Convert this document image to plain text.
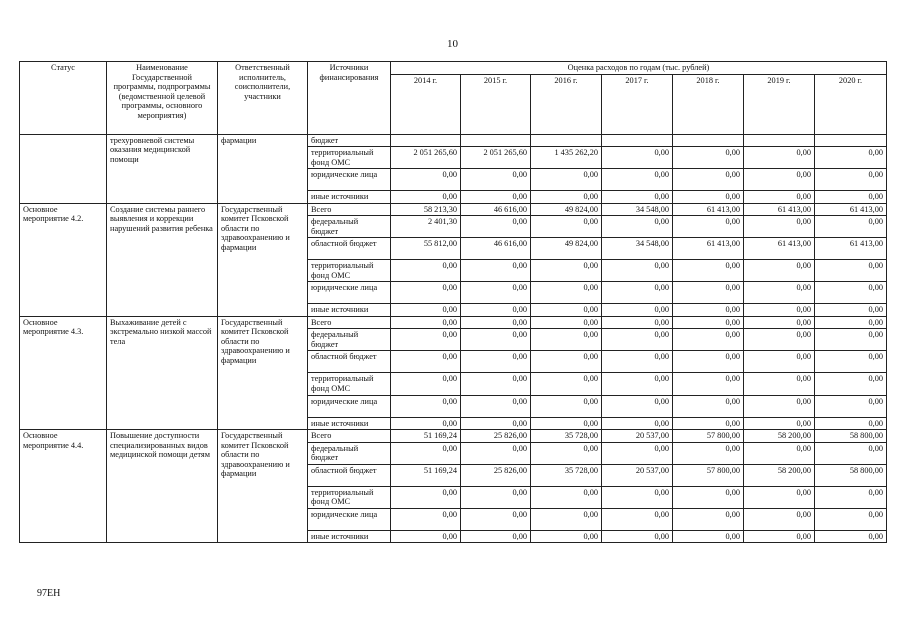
10
Статус	Наименование Государственной программы, подпрограммы (ведомственной целевой программы, основного мероприятия)	Ответственный исполнитель, соисполнители, участники	Источники финансирования	Оценка расходов по годам (тыс. рублей)						
				2014 г.	2015 г.	2016 г.	2017 г.	2018 г.	2019 г.	2020 г.
	трехуровневой системы оказания медицинской помощи	фармации	бюджет							
			территориальный фонд ОМС	2 051 265,60	2 051 265,60	1 435 262,20	0,00	0,00	0,00	0,00
			юридические лица	0,00	0,00	0,00	0,00	0,00	0,00	0,00
			иные источники	0,00	0,00	0,00	0,00	0,00	0,00	0,00
Основное мероприятие 4.2.	Создание системы раннего выявления и коррекции нарушений развития ребенка	Государственный комитет Псковской области по здравоохранению и фармации	Всего	58 213,30	46 616,00	49 824,00	34 548,00	61 413,00	61 413,00	61 413,00
			федеральный бюджет	2 401,30	0,00	0,00	0,00	0,00	0,00	0,00
			областной бюджет	55 812,00	46 616,00	49 824,00	34 548,00	61 413,00	61 413,00	61 413,00
			территориальный фонд ОМС	0,00	0,00	0,00	0,00	0,00	0,00	0,00
			юридические лица	0,00	0,00	0,00	0,00	0,00	0,00	0,00
			иные источники	0,00	0,00	0,00	0,00	0,00	0,00	0,00
Основное мероприятие 4.3.	Выхаживание детей с экстремально низкой массой тела	Государственный комитет Псковской области по здравоохранению и фармации	Всего	0,00	0,00	0,00	0,00	0,00	0,00	0,00
			федеральный бюджет	0,00	0,00	0,00	0,00	0,00	0,00	0,00
			областной бюджет	0,00	0,00	0,00	0,00	0,00	0,00	0,00
			территориальный фонд ОМС	0,00	0,00	0,00	0,00	0,00	0,00	0,00
			юридические лица	0,00	0,00	0,00	0,00	0,00	0,00	0,00
			иные источники	0,00	0,00	0,00	0,00	0,00	0,00	0,00
Основное мероприятие 4.4.	Повышение доступности специализированных видов медицинской помощи детям	Государственный комитет Псковской области по здравоохранению и фармации	Всего	51 169,24	25 826,00	35 728,00	20 537,00	57 800,00	58 200,00	58 800,00
			федеральный бюджет	0,00	0,00	0,00	0,00	0,00	0,00	0,00
			областной бюджет	51 169,24	25 826,00	35 728,00	20 537,00	57 800,00	58 200,00	58 800,00
			территориальный фонд ОМС	0,00	0,00	0,00	0,00	0,00	0,00	0,00
			юридические лица	0,00	0,00	0,00	0,00	0,00	0,00	0,00
			иные источники	0,00	0,00	0,00	0,00	0,00	0,00	0,00
97ЕН
